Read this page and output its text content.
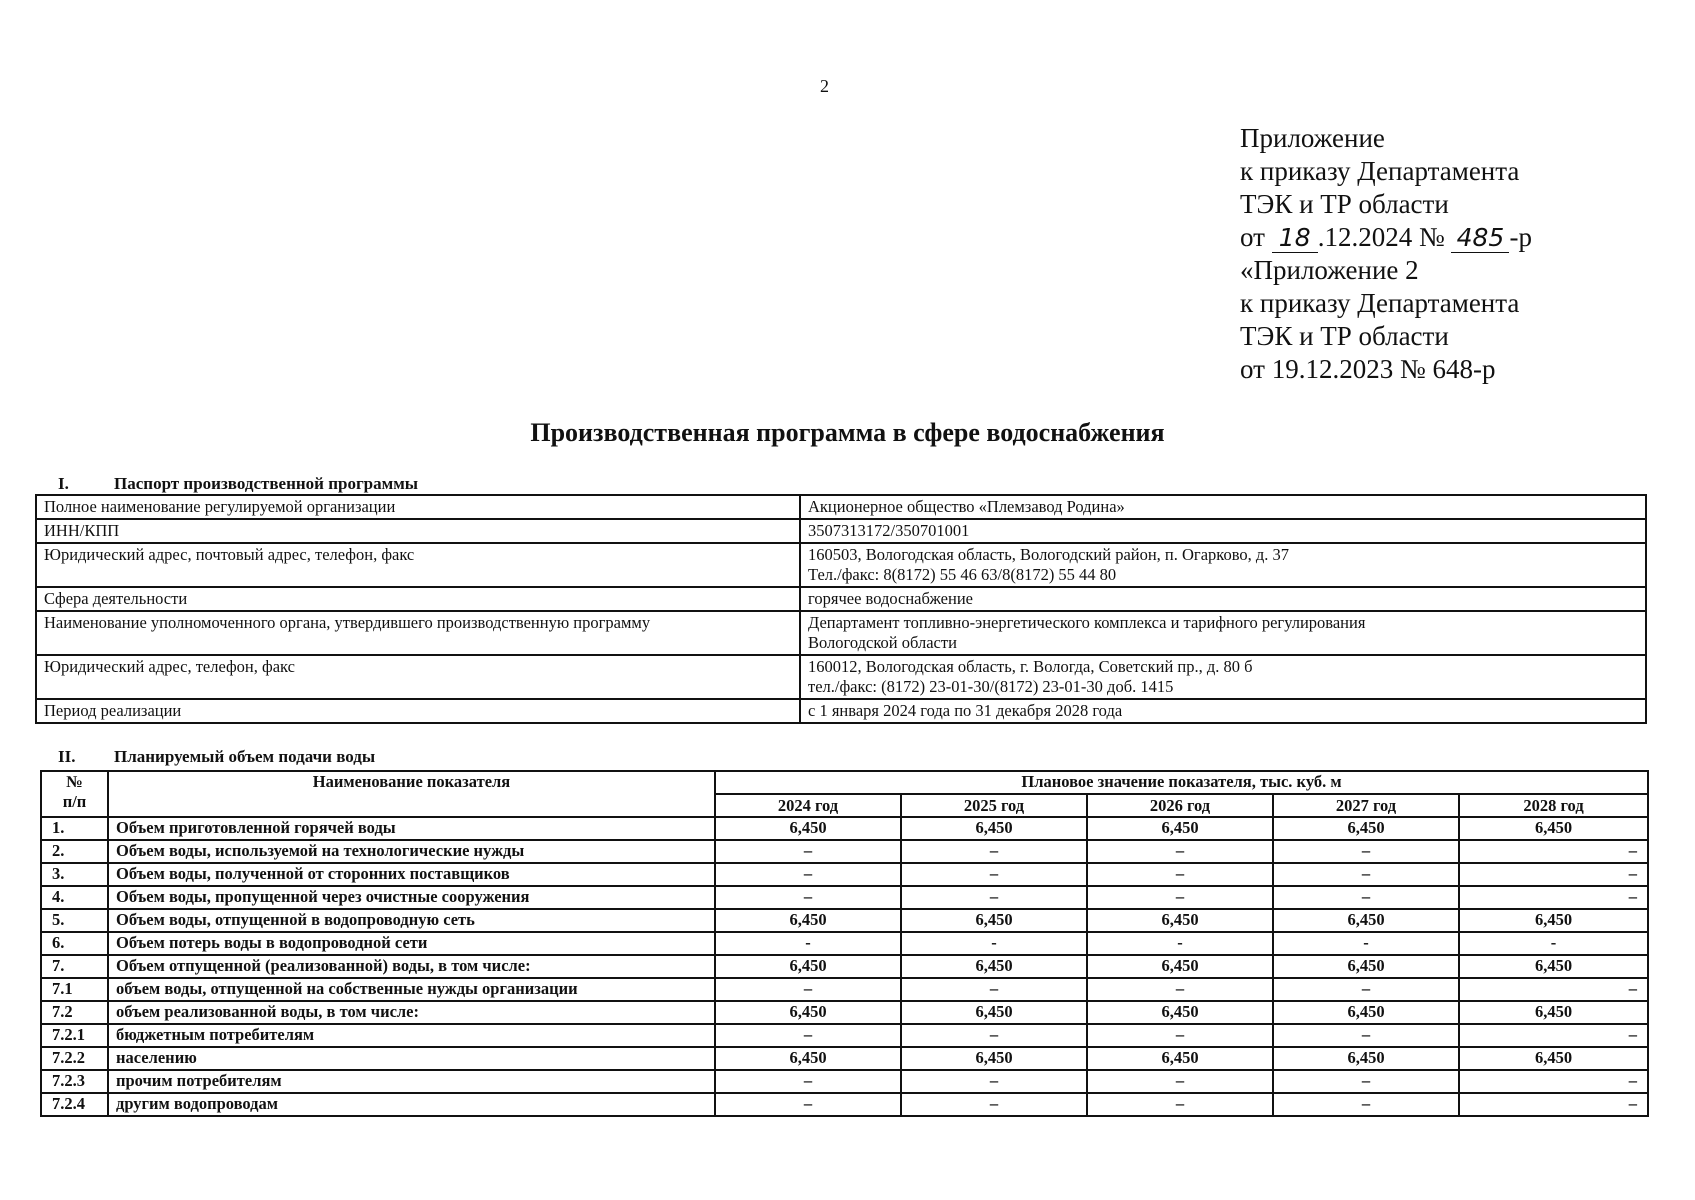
2
Приложение
к приказу Департамента
ТЭК и ТР области
от 18 .12.2024 № 485 -р
«Приложение 2
к приказу Департамента
ТЭК и ТР области
от 19.12.2023 № 648-р
Производственная программа в сфере водоснабжения
I.	Паспорт производственной программы
Полное наименование регулируемой организации	Акционерное общество «Племзавод Родина»

ИНН/КПП	3507313172/350701001

Юридический адрес, почтовый адрес, телефон, факс	160503, Вологодская область, Вологодский район, п. Огарково, д. 37
Тел./факс: 8(8172) 55 46 63/8(8172) 55 44 80

Сфера деятельности	горячее водоснабжение

Наименование уполномоченного органа, утвердившего производственную программу	Департамент топливно-энергетического комплекса и тарифного регулирования
Вологодской области

Юридический адрес, телефон, факс	160012, Вологодская область, г. Вологда, Советский пр., д. 80 б
тел./факс: (8172) 23-01-30/(8172) 23-01-30 доб. 1415

Период реализации	с 1 января 2024 года по 31 декабря 2028 года
II. Планируемый объем подачи воды
№
п/п	Наименование показателя	Плановое значение показателя, тыс. куб. м				
		2024 год	2025 год	2026 год	2027 год	2028 год
1.	Объем приготовленной горячей воды	6,450	6,450	6,450	6,450	6,450
2.	Объем воды, используемой на технологические нужды	–	–	–	–	–
3.	Объем воды, полученной от сторонних поставщиков	–	–	–	–	–
4.	Объем воды, пропущенной через очистные сооружения	–	–	–	–	–
5.	Объем воды, отпущенной в водопроводную сеть	6,450	6,450	6,450	6,450	6,450
6.	Объем потерь воды в водопроводной сети	-	-	-	-	-
7.	Объем отпущенной (реализованной) воды, в том числе:	6,450	6,450	6,450	6,450	6,450
7.1	объем воды, отпущенной на собственные нужды организации	–	–	–	–	–
7.2	объем реализованной воды, в том числе:	6,450	6,450	6,450	6,450	6,450
7.2.1	бюджетным потребителям	–	–	–	–	–
7.2.2	населению	6,450	6,450	6,450	6,450	6,450
7.2.3	прочим потребителям	–	–	–	–	–
7.2.4	другим водопроводам	–	–	–	–	–
